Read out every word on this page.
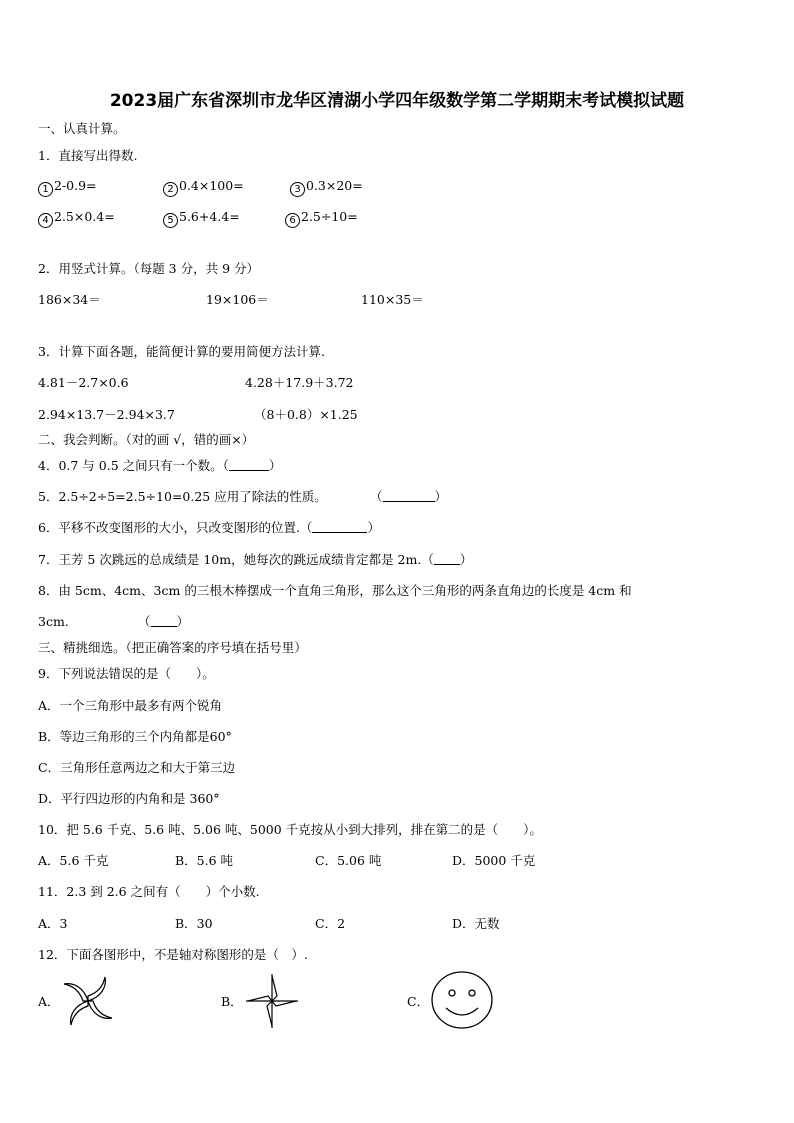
2023届广东省深圳市龙华区清湖小学四年级数学第二学期期末考试模拟试题
一、认真计算。
1．直接写出得数.
1 2-0.9=	2 0.4×100=	3 0.3×20=
4 2.5×0.4=	5 5.6+4.4=	6 2.5÷10=
2．用竖式计算。（每题 3 分，共 9 分）
186×34＝	19×106＝	110×35＝
3．计算下面各题，能简便计算的要用简便方法计算.
4.81－2.7×0.6	4.28＋17.9＋3.72
2.94×13.7－2.94×3.7	（8＋0.8）×1.25
二、我会判断。（对的画 √，错的画×）
4．0.7 与 0.5 之间只有一个数。（	）
5．2.5÷2÷5=2.5÷10=0.25 应用了除法的性质。	（	）
6．平移不改变图形的大小，只改变图形的位置.（	）
7．王芳 5 次跳远的总成绩是 10m，她每次的跳远成绩肯定都是 2m.（ ）
8．由 5cm、4cm、3cm 的三根木棒摆成一个直角三角形，那么这个三角形的两条直角边的长度是 4cm 和
3cm.	（ ）
三、精挑细选。（把正确答案的序号填在括号里）
9．下列说法错误的是（　　）。
A．一个三角形中最多有两个锐角
B．等边三角形的三个内角都是60°
C．三角形任意两边之和大于第三边
D．平行四边形的内角和是 360°
10．把 5.6 千克、5.6 吨、5.06 吨、5000 千克按从小到大排列，排在第二的是（　　）。
A．5.6 千克	B．5.6 吨	C．5.06 吨	D．5000 千克
11．2.3 到 2.6 之间有（　　）个小数.
A．3	B．30	C．2	D．无数
12．下面各图形中，不是轴对称图形的是（　）.
A．	B．	C．
